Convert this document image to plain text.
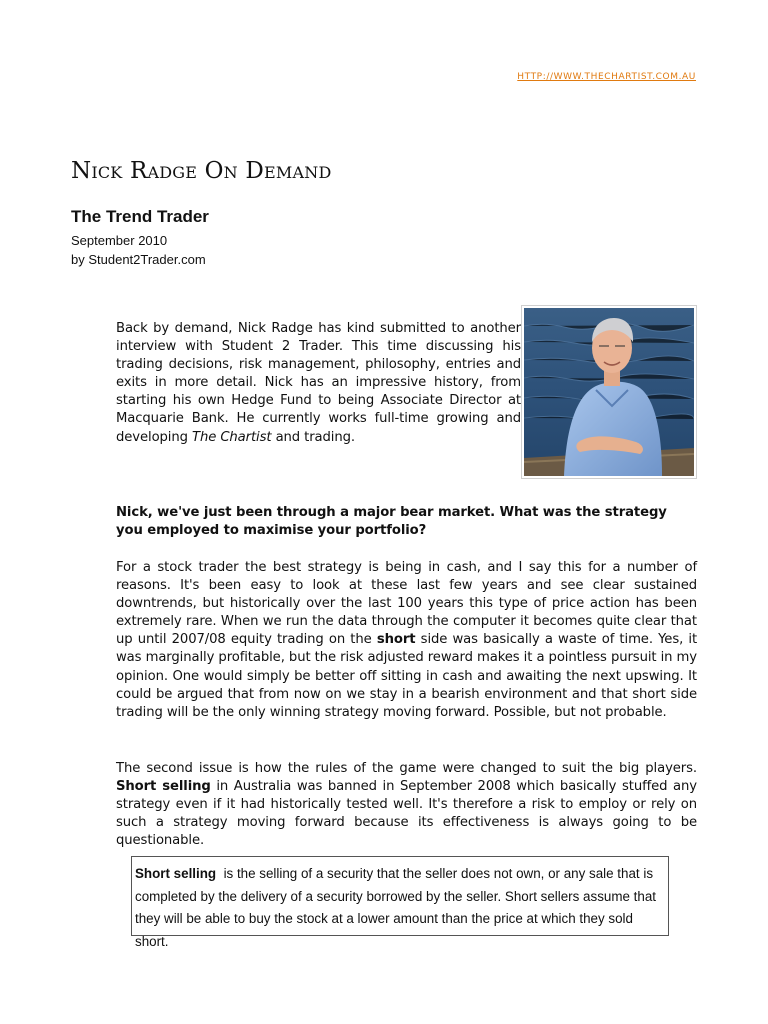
HTTP://WWW.THECHARTIST.COM.AU
Nick Radge On Demand
The Trend Trader
September 2010
by Student2Trader.com
Back by demand, Nick Radge has kind submitted to another interview with Student 2 Trader. This time discussing his trading decisions, risk management, philosophy, entries and exits in more detail. Nick has an impressive history, from starting his own Hedge Fund to being Associate Director at Macquarie Bank. He currently works full-time growing and developing The Chartist and trading.
Nick, we've just been through a major bear market. What was the strategy you employed to maximise your portfolio?
For a stock trader the best strategy is being in cash, and I say this for a number of reasons. It's been easy to look at these last few years and see clear sustained downtrends, but historically over the last 100 years this type of price action has been extremely rare. When we run the data through the computer it becomes quite clear that up until 2007/08 equity trading on the short side was basically a waste of time. Yes, it was marginally profitable, but the risk adjusted reward makes it a pointless pursuit in my opinion. One would simply be better off sitting in cash and awaiting the next upswing. It could be argued that from now on we stay in a bearish environment and that short side trading will be the only winning strategy moving forward. Possible, but not probable.
The second issue is how the rules of the game were changed to suit the big players. Short selling in Australia was banned in September 2008 which basically stuffed any strategy even if it had historically tested well. It's therefore a risk to employ or rely on such a strategy moving forward because its effectiveness is always going to be questionable.
Short selling is the selling of a security that the seller does not own, or any sale that is completed by the delivery of a security borrowed by the seller. Short sellers assume that they will be able to buy the stock at a lower amount than the price at which they sold short.
